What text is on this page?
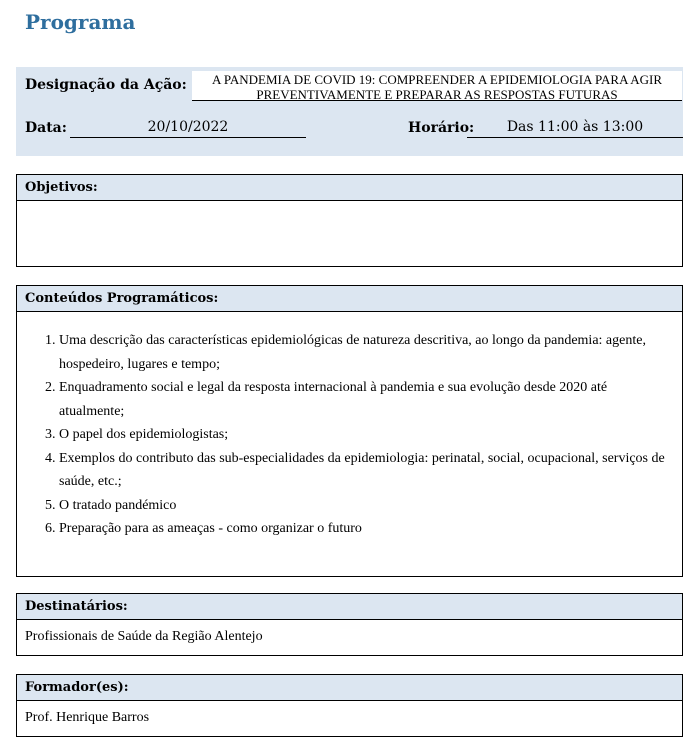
Programa
Designação da Ação:	A PANDEMIA DE COVID 19: COMPREENDER A EPIDEMIOLOGIA PARA AGIR
PREVENTIVAMENTE E PREPARAR AS RESPOSTAS FUTURAS
Data:	20/10/2022	Horário:	Das 11:00 às 13:00
Objetivos:
Conteúdos Programáticos:
1. Uma descrição das características epidemiológicas de natureza descritiva, ao longo da pandemia: agente, hospedeiro, lugares e tempo;
2. Enquadramento social e legal da resposta internacional à pandemia e sua evolução desde 2020 até atualmente;
3. O papel dos epidemiologistas;
4. Exemplos do contributo das sub-especialidades da epidemiologia: perinatal, social, ocupacional, serviços de saúde, etc.;
5. O tratado pandémico
6. Preparação para as ameaças - como organizar o futuro
Destinatários:
Profissionais de Saúde da Região Alentejo
Formador(es):
Prof. Henrique Barros
